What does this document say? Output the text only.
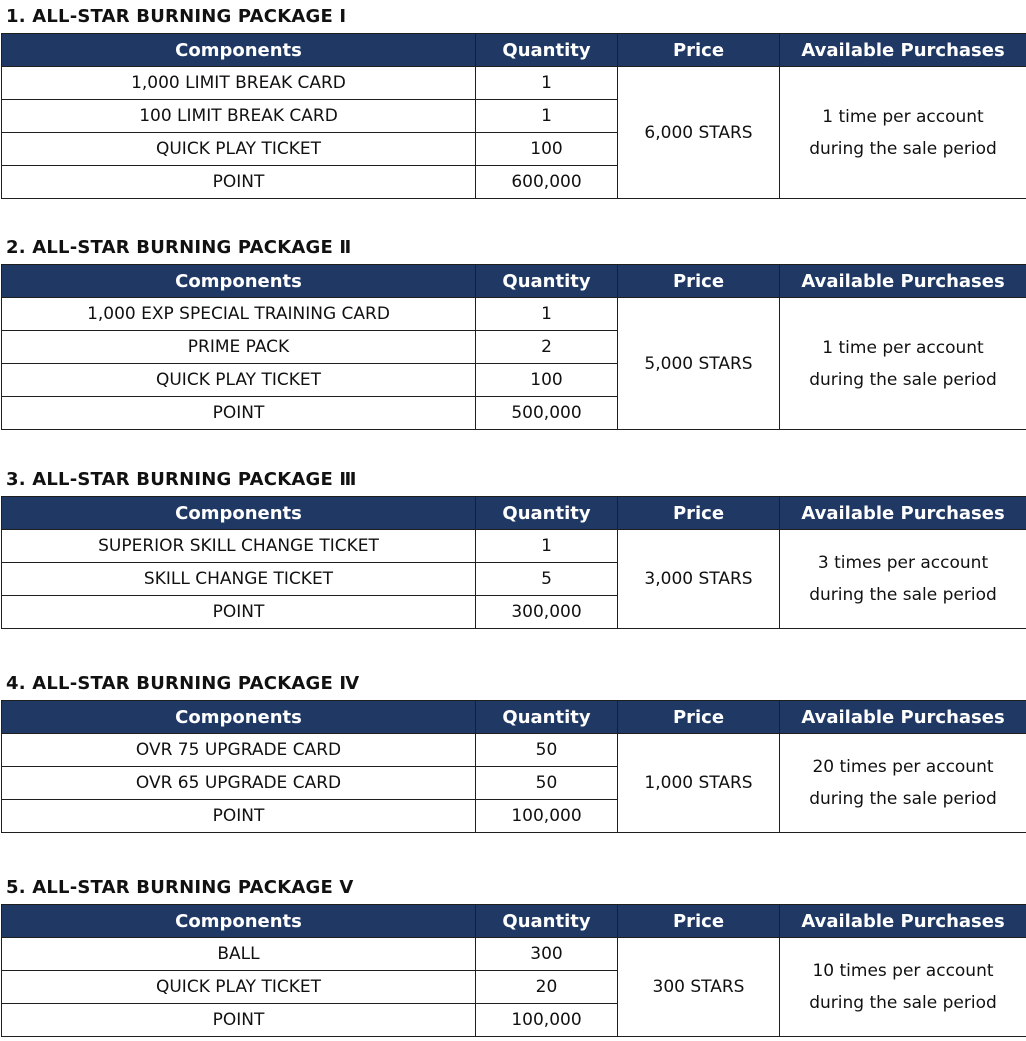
1. ALL-STAR BURNING PACKAGE Ⅰ
Components	Quantity	Price	Available Purchases
1,000 LIMIT BREAK CARD	1	6,000 STARS	1 time per account
during the sale period
100 LIMIT BREAK CARD	1		
QUICK PLAY TICKET	100		
POINT	600,000		
2. ALL-STAR BURNING PACKAGE Ⅱ
Components	Quantity	Price	Available Purchases
1,000 EXP SPECIAL TRAINING CARD	1	5,000 STARS	1 time per account
during the sale period
PRIME PACK	2		
QUICK PLAY TICKET	100		
POINT	500,000		
3. ALL-STAR BURNING PACKAGE Ⅲ
Components	Quantity	Price	Available Purchases
SUPERIOR SKILL CHANGE TICKET	1	3,000 STARS	3 times per account
during the sale period
SKILL CHANGE TICKET	5		
POINT	300,000		
4. ALL-STAR BURNING PACKAGE Ⅳ
Components	Quantity	Price	Available Purchases
OVR 75 UPGRADE CARD	50	1,000 STARS	20 times per account
during the sale period
OVR 65 UPGRADE CARD	50		
POINT	100,000		
5. ALL-STAR BURNING PACKAGE Ⅴ
Components	Quantity	Price	Available Purchases
BALL	300	300 STARS	10 times per account
during the sale period
QUICK PLAY TICKET	20		
POINT	100,000		
